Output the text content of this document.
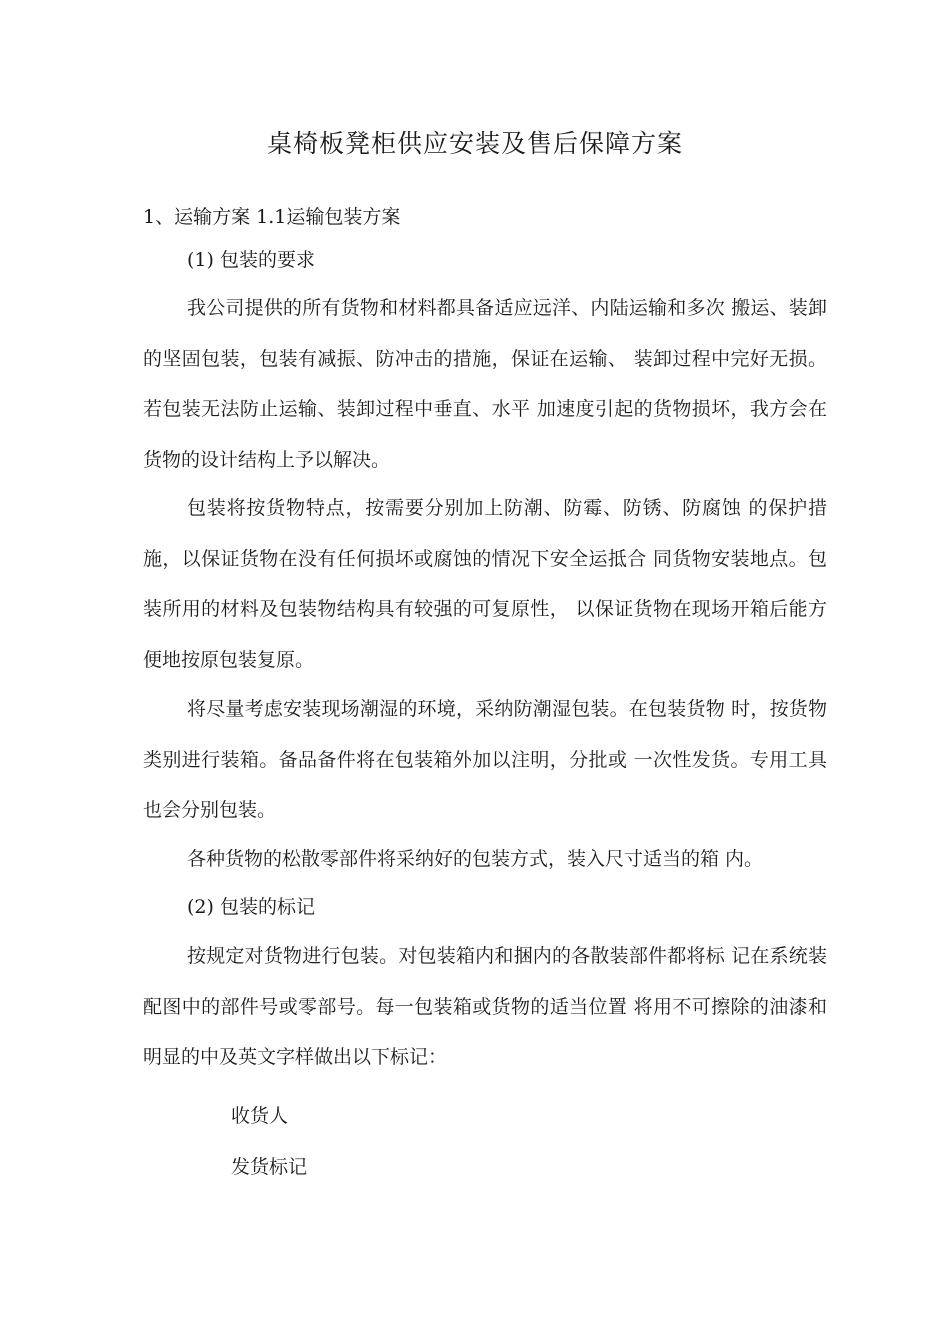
桌椅板凳柜供应安装及售后保障方案
1、运输方案 1.1运输包装方案
(1) 包装的要求

我公司提供的所有货物和材料都具备适应远洋、内陆运输和多次 搬运、装卸的坚固包装，包装有减振、防冲击的措施，保证在运输、 装卸过程中完好无损。若包装无法防止运输、装卸过程中垂直、水平 加速度引起的货物损坏，我方会在货物的设计结构上予以解决。

包装将按货物特点，按需要分别加上防潮、防霉、防锈、防腐蚀 的保护措施，以保证货物在没有任何损坏或腐蚀的情况下安全运抵合 同货物安装地点。包装所用的材料及包装物结构具有较强的可复原性， 以保证货物在现场开箱后能方便地按原包装复原。

将尽量考虑安装现场潮湿的环境，采纳防潮湿包装。在包装货物 时，按货物类别进行装箱。备品备件将在包装箱外加以注明，分批或 一次性发货。专用工具也会分别包装。

各种货物的松散零部件将采纳好的包装方式，装入尺寸适当的箱 内。

(2) 包装的标记

按规定对货物进行包装。对包装箱内和捆内的各散装部件都将标 记在系统装配图中的部件号或零部号。每一包装箱或货物的适当位置 将用不可擦除的油漆和明显的中及英文字样做出以下标记：

收货人
发货标记
